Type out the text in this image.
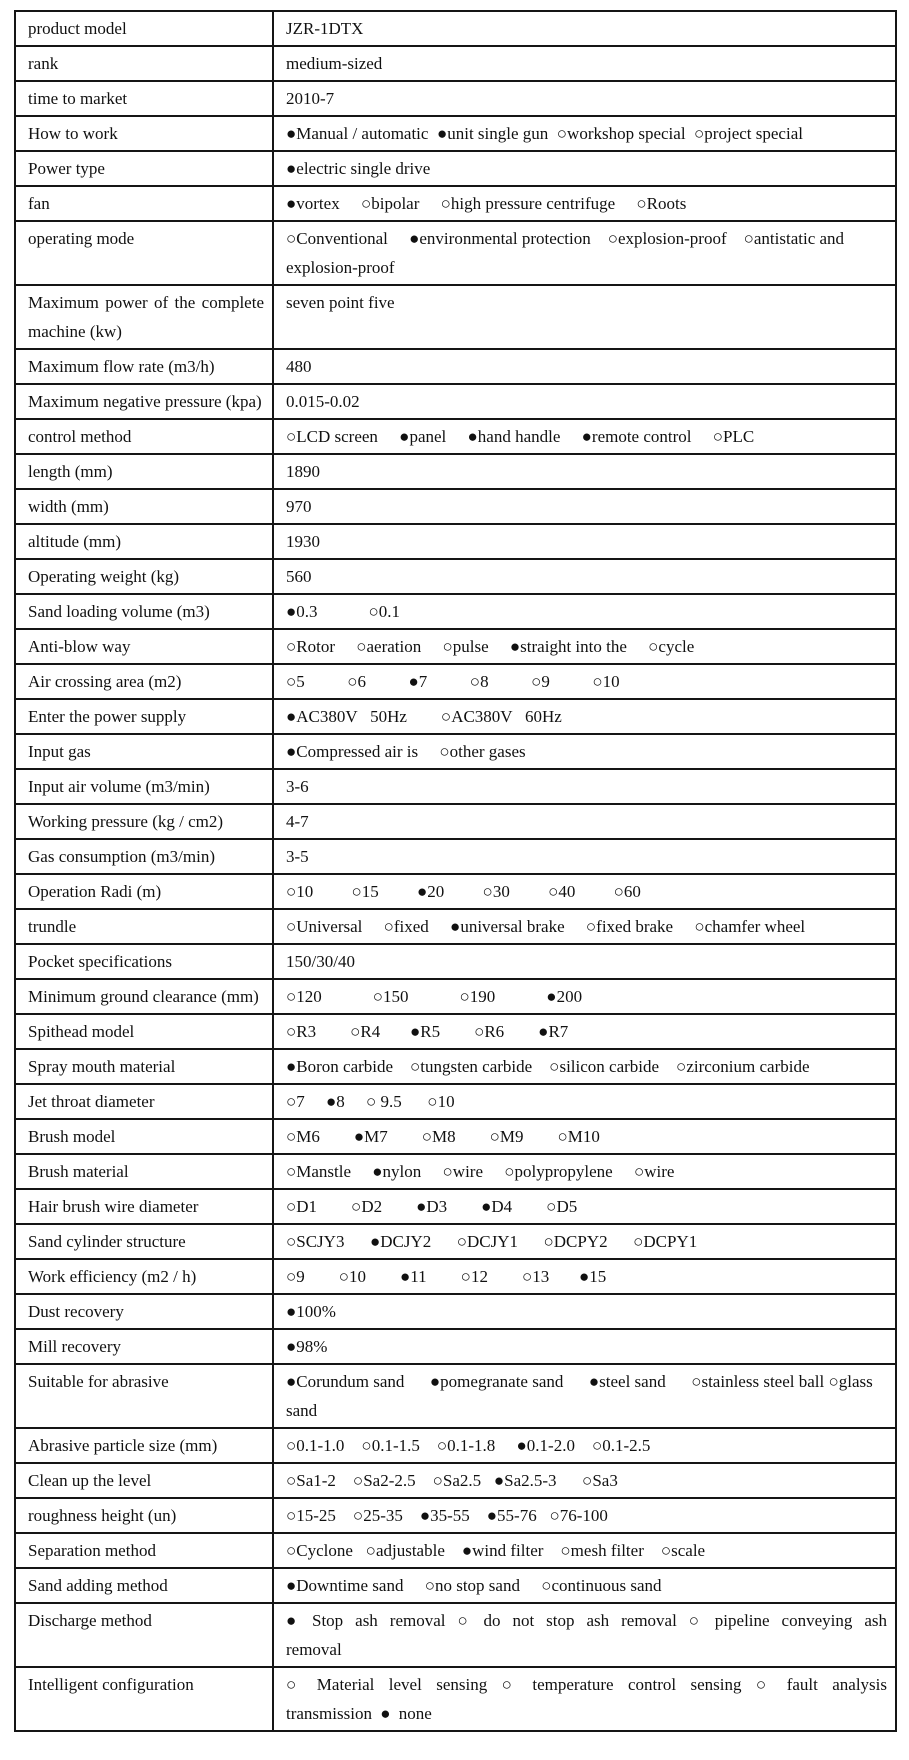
product model	JZR-1DTX
rank	medium-sized
time to market	2010-7
How to work	●Manual / automatic  ●unit single gun  ○workshop special  ○project special
Power type	●electric single drive
fan	●vortex     ○bipolar     ○high pressure centrifuge     ○Roots
operating mode	○Conventional     ●environmental protection    ○explosion-proof    ○antistatic and explosion-proof
Maximum power of the complete machine (kw)	seven point five
Maximum flow rate (m3/h)	480
Maximum negative pressure (kpa)	0.015-0.02
control method	○LCD screen     ●panel     ●hand handle     ●remote control     ○PLC
length (mm)	1890
width (mm)	970
altitude (mm)	1930
Operating weight (kg)	560
Sand loading volume (m3)	●0.3            ○0.1
Anti-blow way	○Rotor     ○aeration     ○pulse     ●straight into the     ○cycle
Air crossing area (m2)	○5          ○6          ●7          ○8          ○9          ○10
Enter the power supply	●AC380V   50Hz        ○AC380V   60Hz
Input gas	●Compressed air is     ○other gases
Input air volume (m3/min)	3-6
Working pressure (kg / cm2)	4-7
Gas consumption (m3/min)	3-5
Operation Radi (m)	○10         ○15         ●20         ○30         ○40         ○60
trundle	○Universal     ○fixed     ●universal brake     ○fixed brake     ○chamfer wheel
Pocket specifications	150/30/40
Minimum ground clearance (mm)	○120            ○150            ○190            ●200
Spithead model	○R3        ○R4       ●R5        ○R6        ●R7
Spray mouth material	●Boron carbide    ○tungsten carbide    ○silicon carbide    ○zirconium carbide
Jet throat diameter	○7     ●8     ○ 9.5      ○10
Brush model	○M6        ●M7        ○M8        ○M9        ○M10
Brush material	○Manstle     ●nylon     ○wire     ○polypropylene     ○wire
Hair brush wire diameter	○D1        ○D2        ●D3        ●D4        ○D5
Sand cylinder structure	○SCJY3      ●DCJY2      ○DCJY1      ○DCPY2      ○DCPY1
Work efficiency (m2 / h)	○9        ○10        ●11        ○12        ○13       ●15
Dust recovery	●100%
Mill recovery	●98%
Suitable for abrasive	●Corundum sand      ●pomegranate sand      ●steel sand      ○stainless steel ball ○glass sand
Abrasive particle size (mm)	○0.1-1.0    ○0.1-1.5    ○0.1-1.8     ●0.1-2.0    ○0.1-2.5
Clean up the level	○Sa1-2    ○Sa2-2.5    ○Sa2.5   ●Sa2.5-3      ○Sa3
roughness height (un)	○15-25    ○25-35    ●35-55    ●55-76   ○76-100
Separation method	○Cyclone   ○adjustable    ●wind filter    ○mesh filter    ○scale
Sand adding method	●Downtime sand     ○no stop sand     ○continuous sand
Discharge method	● Stop ash removal ○ do not stop ash removal ○ pipeline conveying ash removal
Intelligent configuration	○ Material level sensing ○ temperature control sensing ○ fault analysis transmission ● none
